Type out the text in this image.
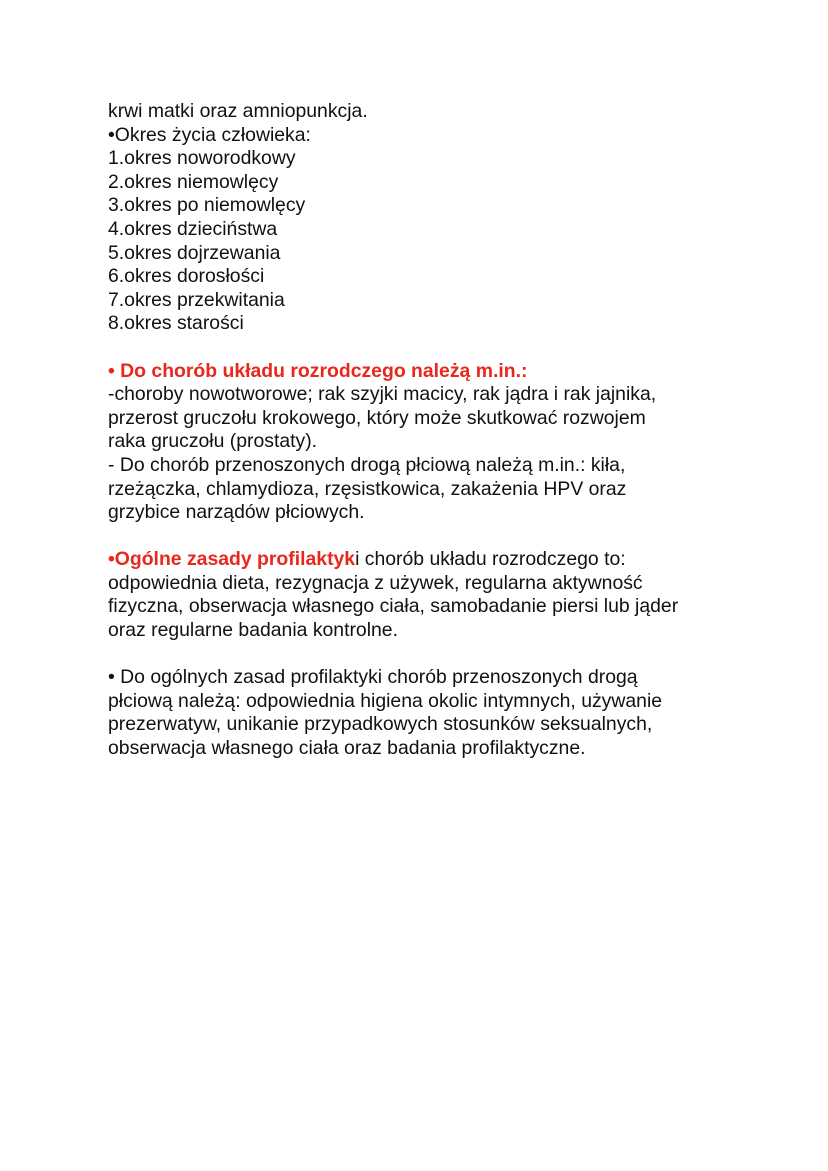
krwi matki oraz amniopunkcja.
•Okres życia człowieka:
1.okres noworodkowy
2.okres niemowlęcy
3.okres po niemowlęcy
4.okres dzieciństwa
5.okres dojrzewania
6.okres dorosłości
7.okres przekwitania
8.okres starości
• Do chorób układu rozrodczego należą m.in.:
-choroby nowotworowe; rak szyjki macicy, rak jądra i rak jajnika,
przerost gruczołu krokowego, który może skutkować rozwojem
raka gruczołu (prostaty).
- Do chorób przenoszonych drogą płciową należą m.in.: kiła,
rzeżączka, chlamydioza, rzęsistkowica, zakażenia HPV oraz
grzybice narządów płciowych.
•Ogólne zasady profilaktyki chorób układu rozrodczego to:
odpowiednia dieta, rezygnacja z używek, regularna aktywność
fizyczna, obserwacja własnego ciała, samobadanie piersi lub jąder
oraz regularne badania kontrolne.
• Do ogólnych zasad profilaktyki chorób przenoszonych drogą
płciową należą: odpowiednia higiena okolic intymnych, używanie
prezerwatyw, unikanie przypadkowych stosunków seksualnych,
obserwacja własnego ciała oraz badania profilaktyczne.
